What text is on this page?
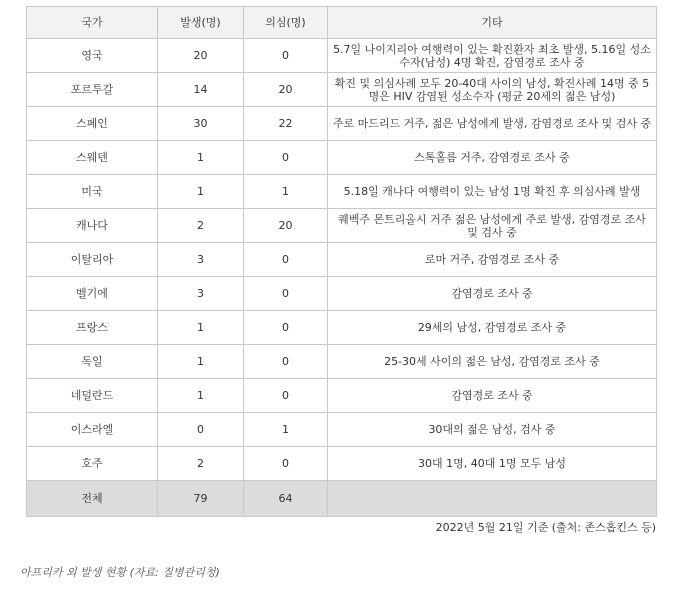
국가	발생(명)	의심(명)	기타
영국	20	0	5.7일 나이지리아 여행력이 있는 확진환자 최초 발생, 5.16일 성소수자(남성) 4명 확진, 감염경로 조사 중
포르투갈	14	20	확진 및 의심사례 모두 20-40대 사이의 남성, 확진사례 14명 중 5명은 HIV 감염된 성소수자 (평균 20세의 젊은 남성)
스페인	30	22	주로 마드리드 거주, 젊은 남성에게 발생, 감염경로 조사 및 검사 중
스웨덴	1	0	스톡홀름 거주, 감염경로 조사 중
미국	1	1	5.18일 캐나다 여행력이 있는 남성 1명 확진 후 의심사례 발생
캐나다	2	20	퀘벡주 몬트리올시 거주 젊은 남성에게 주로 발생, 감염경로 조사 및 검사 중
이탈리아	3	0	로마 거주, 감염경로 조사 중
벨기에	3	0	감염경로 조사 중
프랑스	1	0	29세의 남성, 감염경로 조사 중
독일	1	0	25-30세 사이의 젊은 남성, 감염경로 조사 중
네덜란드	1	0	감염경로 조사 중
이스라엘	0	1	30대의 젊은 남성, 검사 중
호주	2	0	30대 1명, 40대 1명 모두 남성
전체	79	64	
2022년 5월 21일 기준 (출처: 존스홉킨스 등)
아프리카 외 발생 현황 (자료: 질병관리청)
